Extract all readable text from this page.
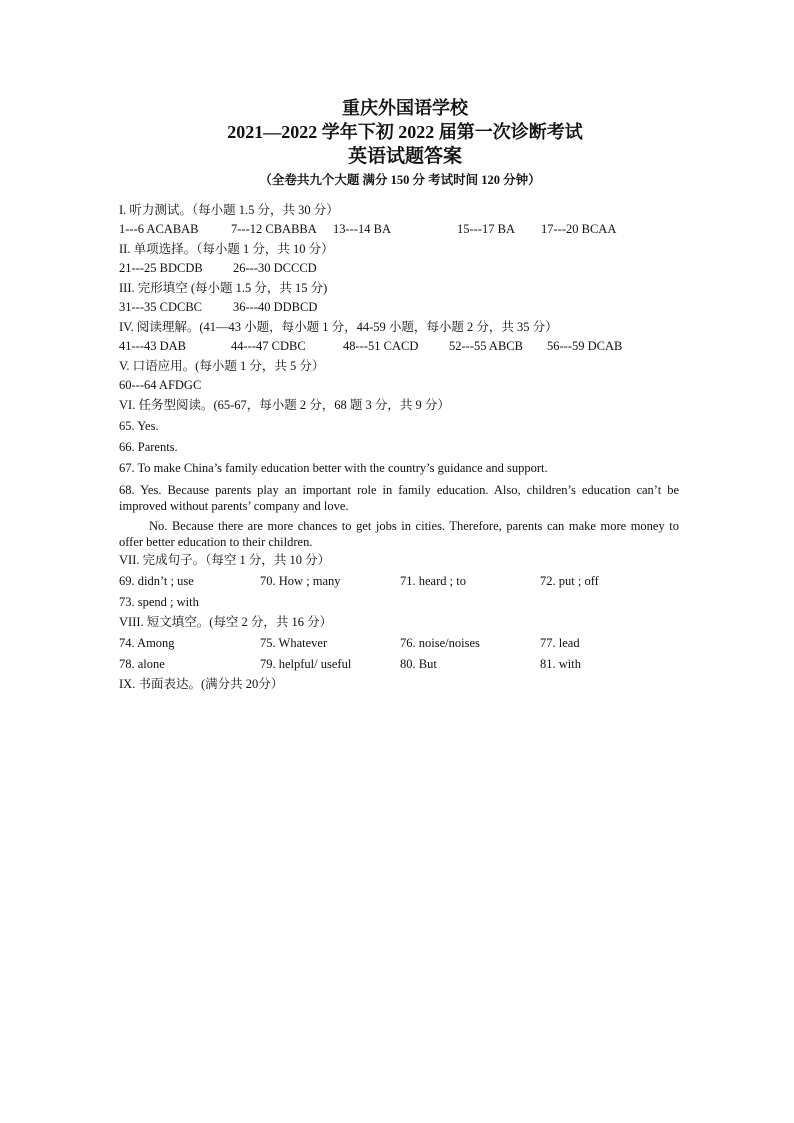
重庆外国语学校
2021—2022 学年下初 2022 届第一次诊断考试
英语试题答案
（全卷共九个大题 满分 150 分 考试时间 120 分钟）
I. 听力测试。（每小题 1.5 分，共 30 分）
1---6 ACABAB	7---12 CBABBA 13---14 BA	15---17 BA 17---20 BCAA
II. 单项选择。（每小题 1 分，共 10 分）
21---25 BDCDB 26---30 DCCCD
III. 完形填空 (每小题 1.5 分，共 15 分)
31---35 CDCBC 36---40 DDBCD
IV. 阅读理解。(41—43 小题，每小题 1 分，44-59 小题，每小题 2 分，共 35 分）
41---43 DAB	44---47 CDBC	48---51 CACD 52---55 ABCB 56---59 DCAB
V. 口语应用。(每小题 1 分，共 5 分）
60---64 AFDGC
VI. 任务型阅读。(65-67，每小题 2 分，68 题 3 分，共 9 分）
65. Yes.
66. Parents.
67. To make China’s family education better with the country’s guidance and support.
68. Yes. Because parents play an important role in family education. Also, children’s education can’t be improved without parents’ company and love.
No. Because there are more chances to get jobs in cities. Therefore, parents can make more money to offer better education to their children.
VII. 完成句子。（每空 1 分，共 10 分）
69. didn’t ; use	70. How ; many	71. heard ; to	72. put ; off
73. spend ; with
VIII. 短文填空。(每空 2 分，共 16 分）
74. Among	75. Whatever	76. noise/noises	77. lead
78. alone	79. helpful/ useful	80. But	81. with
IX. 书面表达。(满分共 20分）
